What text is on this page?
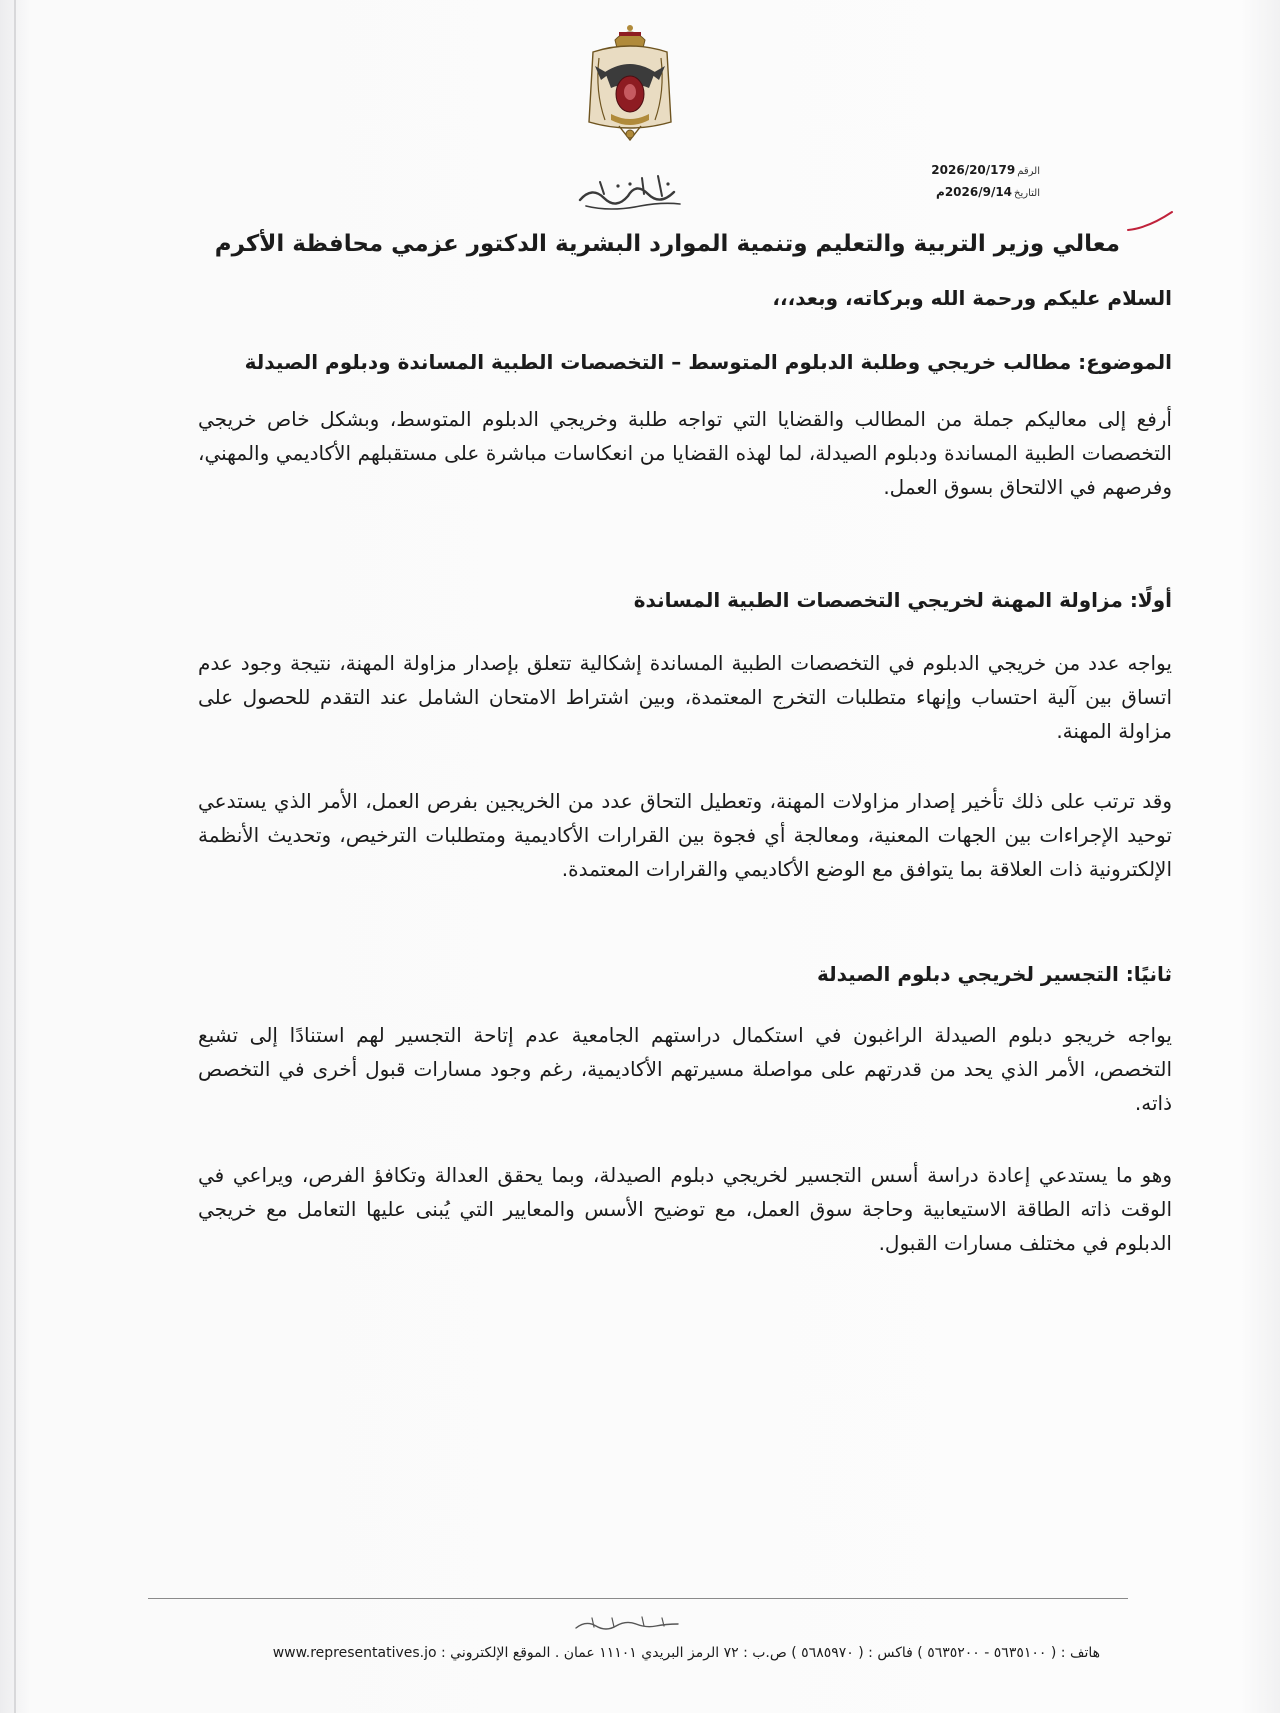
الرقم2026/20/179
التاريخ2026/9/14م
معالي وزير التربية والتعليم وتنمية الموارد البشرية الدكتور عزمي محافظة الأكرم
السلام عليكم ورحمة الله وبركاته، وبعد،،،
الموضوع: مطالب خريجي وطلبة الدبلوم المتوسط – التخصصات الطبية المساندة ودبلوم الصيدلة
أرفع إلى معاليكم جملة من المطالب والقضايا التي تواجه طلبة وخريجي الدبلوم المتوسط، وبشكل خاص خريجي التخصصات الطبية المساندة ودبلوم الصيدلة، لما لهذه القضايا من انعكاسات مباشرة على مستقبلهم الأكاديمي والمهني، وفرصهم في الالتحاق بسوق العمل.
أولًا: مزاولة المهنة لخريجي التخصصات الطبية المساندة
يواجه عدد من خريجي الدبلوم في التخصصات الطبية المساندة إشكالية تتعلق بإصدار مزاولة المهنة، نتيجة وجود عدم اتساق بين آلية احتساب وإنهاء متطلبات التخرج المعتمدة، وبين اشتراط الامتحان الشامل عند التقدم للحصول على مزاولة المهنة.
وقد ترتب على ذلك تأخير إصدار مزاولات المهنة، وتعطيل التحاق عدد من الخريجين بفرص العمل، الأمر الذي يستدعي توحيد الإجراءات بين الجهات المعنية، ومعالجة أي فجوة بين القرارات الأكاديمية ومتطلبات الترخيص، وتحديث الأنظمة الإلكترونية ذات العلاقة بما يتوافق مع الوضع الأكاديمي والقرارات المعتمدة.
ثانيًا: التجسير لخريجي دبلوم الصيدلة
يواجه خريجو دبلوم الصيدلة الراغبون في استكمال دراستهم الجامعية عدم إتاحة التجسير لهم استنادًا إلى تشبع التخصص، الأمر الذي يحد من قدرتهم على مواصلة مسيرتهم الأكاديمية، رغم وجود مسارات قبول أخرى في التخصص ذاته.
وهو ما يستدعي إعادة دراسة أسس التجسير لخريجي دبلوم الصيدلة، وبما يحقق العدالة وتكافؤ الفرص، ويراعي في الوقت ذاته الطاقة الاستيعابية وحاجة سوق العمل، مع توضيح الأسس والمعايير التي يُبنى عليها التعامل مع خريجي الدبلوم في مختلف مسارات القبول.
هاتف : ( ٥٦٣٥١٠٠ - ٥٦٣٥٢٠٠ ) فاكس : ( ٥٦٨٥٩٧٠ ) ص.ب : ٧٢ الرمز البريدي ١١١٠١ عمان . الموقع الإلكتروني : www.representatives.jo
